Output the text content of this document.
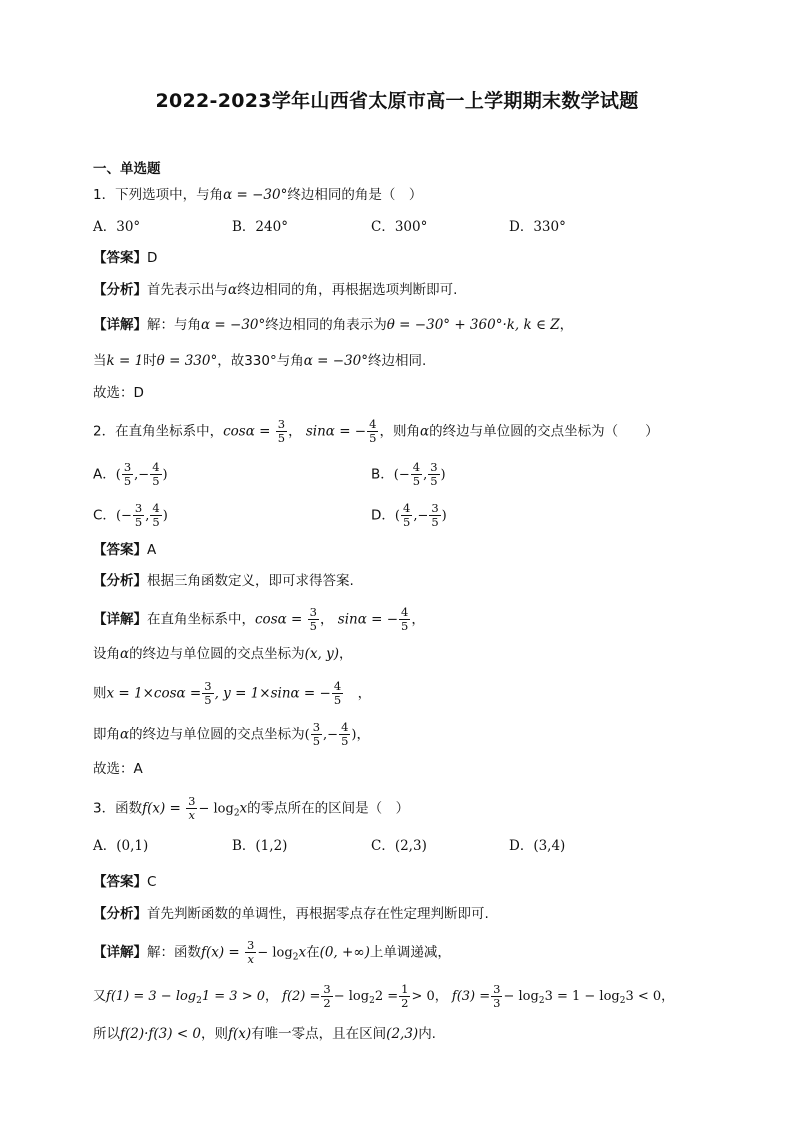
2022-2023学年山西省太原市高一上学期期末数学试题
一、单选题
1．下列选项中，与角α = −30°终边相同的角是（　）
A．30°	B．240°	C．300°	D．330°
【答案】D
【分析】首先表示出与α终边相同的角，再根据选项判断即可.
【详解】解：与角α = −30°终边相同的角表示为θ = −30° + 360°·k, k ∈ Z，
当k = 1时θ = 330°，故330°与角α = −30°终边相同.
故选：D
2．在直角坐标系中，$\cos\alpha = \frac{3}{5}$ ， sinα = − $\frac{4}{5}$ ，则角α的终边与单位圆的交点坐标为（　　）
A．( $\frac{3}{5}$ ,− $\frac{4}{5}$ )	B．(− $\frac{4}{5}$ , $\frac{3}{5}$ )
C．(− $\frac{3}{5}$ , $\frac{4}{5}$ )	D．( $\frac{4}{5}$ ,− $\frac{3}{5}$ )
【答案】A
【分析】根据三角函数定义，即可求得答案.
【详解】在直角坐标系中，$\cos\alpha = \frac{3}{5}$ ， sinα = − $\frac{4}{5}$ ，
设角α的终边与单位圆的交点坐标为(x, y)，
则$x = 1\times\cos\alpha = \frac{3}{5}$ , y = 1×sinα = − $\frac{4}{5}$ 　，
即角α的终边与单位圆的交点坐标为( $\frac{3}{5}$ ,− $\frac{4}{5}$ )，
故选：A
3．函数$f(x) = \frac{3}{x} - \log_2x$的零点所在的区间是（　）
A．(0,1)	B．(1,2)	C．(2,3)	D．(3,4)
【答案】C
【分析】首先判断函数的单调性，再根据零点存在性定理判断即可.
【详解】解：函数$f(x) = \frac{3}{x} - \log_2x$在(0, +∞)上单调递减，
又$f(1) = 3 - \log_21 = 3 > 0$， $f(2) = \frac{3}{2} - \log_22 = \frac{1}{2} > 0$， $f(3) = \frac{3}{3} - \log_23 = 1 - \log_23 < 0$，
所以f(2)·f(3) < 0，则f(x)有唯一零点，且在区间(2,3)内.
